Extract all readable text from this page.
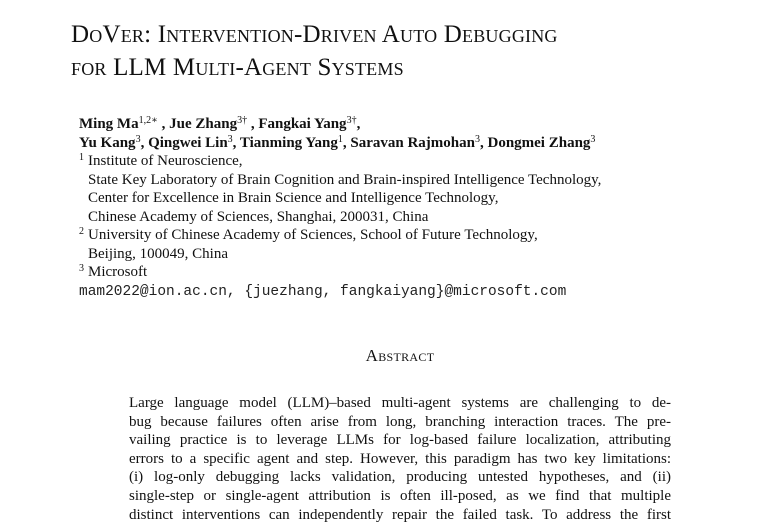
DoVer: Intervention-Driven Auto Debugging
for LLM Multi-Agent Systems
Ming $Ma^{1,2∗}$ , Jue Zhang$^{3\dagger}$ , Fangkai Yang$^{3\dagger}$,
Yu Kang$^3$, Qingwei Lin$^3$, Tianming Yang$^1$, Saravan Rajmohan$^3$, Dongmei Zhang$^3$
1 Institute of Neuroscience,
State Key Laboratory of Brain Cognition and Brain-inspired Intelligence Technology,
Center for Excellence in Brain Science and Intelligence Technology,
Chinese Academy of Sciences, Shanghai, 200031, China
2 University of Chinese Academy of Sciences, School of Future Technology,
Beijing, 100049, China
3 Microsoft
mam2022@ion.ac.cn, {juezhang, fangkaiyang}@microsoft.com
Abstract
Large language model (LLM)–based multi-agent systems are challenging to de-
bug because failures often arise from long, branching interaction traces. The pre-
vailing practice is to leverage LLMs for log-based failure localization, attributing
errors to a specific agent and step. However, this paradigm has two key limitations:
(i) log-only debugging lacks validation, producing untested hypotheses, and (ii)
single-step or single-agent attribution is often ill-posed, as we find that multiple
distinct interventions can independently repair the failed task. To address the first
